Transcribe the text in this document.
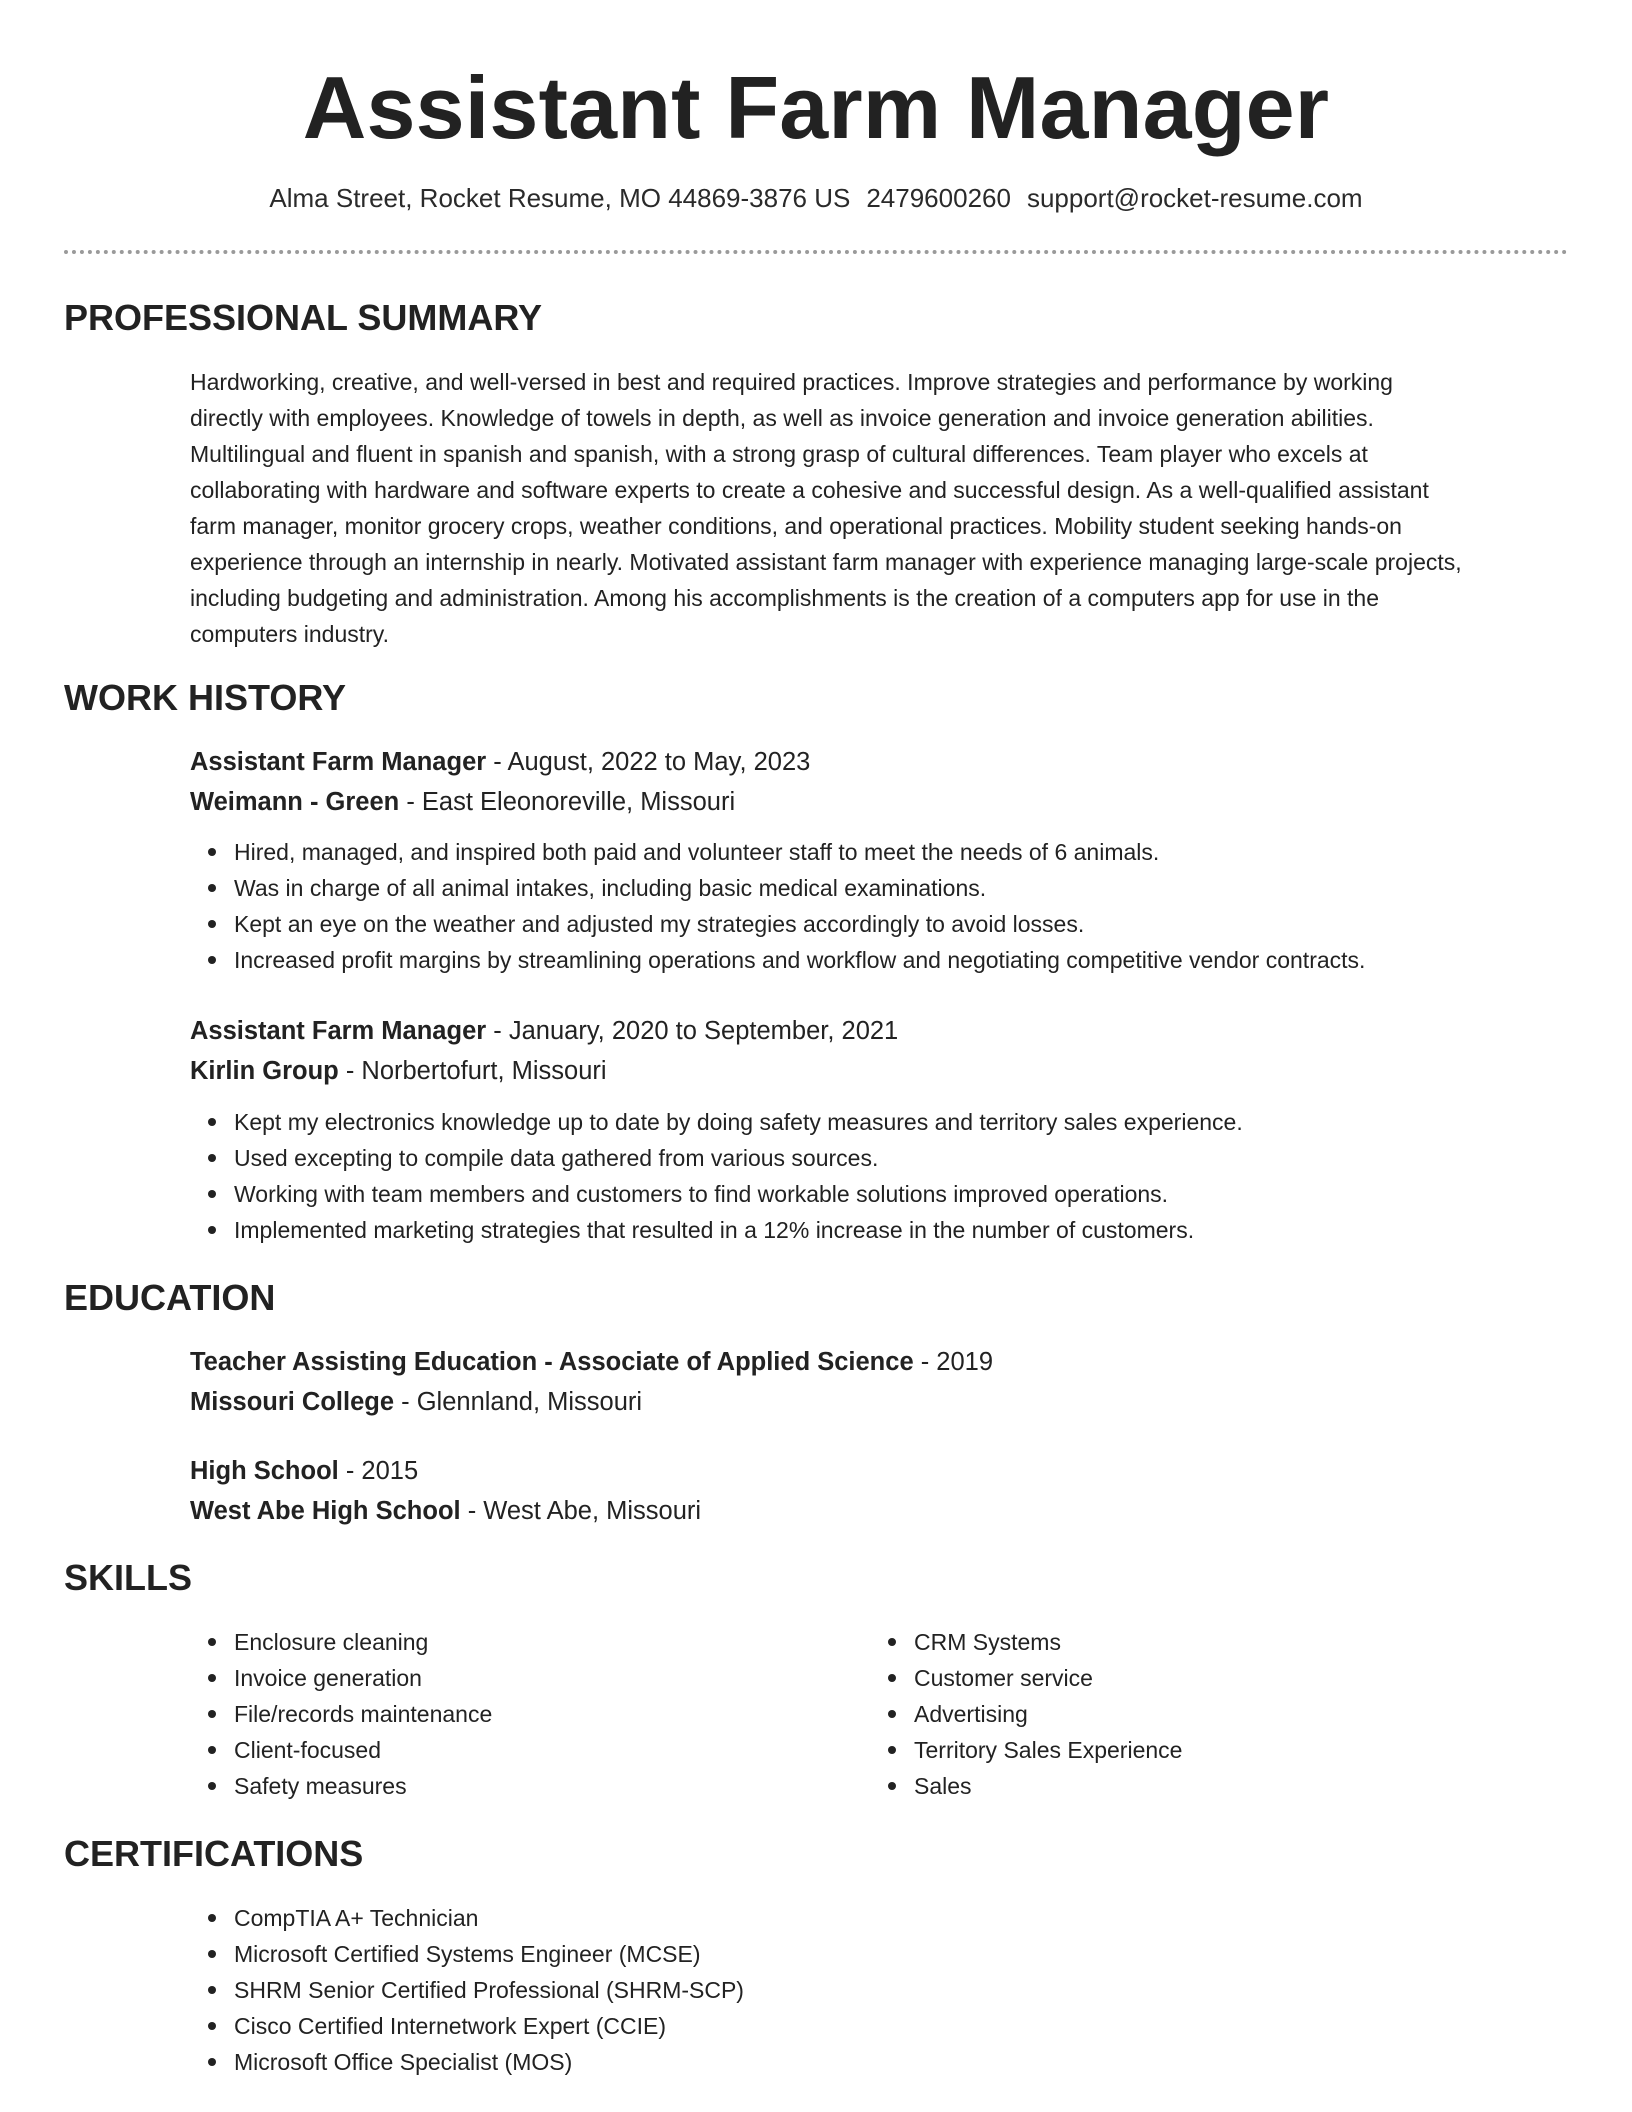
Assistant Farm Manager
Alma Street, Rocket Resume, MO 44869-3876 US 2479600260 support@rocket-resume.com
PROFESSIONAL SUMMARY
Hardworking, creative, and well-versed in best and required practices. Improve strategies and performance by working
directly with employees. Knowledge of towels in depth, as well as invoice generation and invoice generation abilities.
Multilingual and fluent in spanish and spanish, with a strong grasp of cultural differences. Team player who excels at
collaborating with hardware and software experts to create a cohesive and successful design. As a well-qualified assistant
farm manager, monitor grocery crops, weather conditions, and operational practices. Mobility student seeking hands-on
experience through an internship in nearly. Motivated assistant farm manager with experience managing large-scale projects,
including budgeting and administration. Among his accomplishments is the creation of a computers app for use in the
computers industry.
WORK HISTORY
Assistant Farm Manager - August, 2022 to May, 2023
Weimann - Green - East Eleonoreville, Missouri
Hired, managed, and inspired both paid and volunteer staff to meet the needs of 6 animals.
Was in charge of all animal intakes, including basic medical examinations.
Kept an eye on the weather and adjusted my strategies accordingly to avoid losses.
Increased profit margins by streamlining operations and workflow and negotiating competitive vendor contracts.
Assistant Farm Manager - January, 2020 to September, 2021
Kirlin Group - Norbertofurt, Missouri
Kept my electronics knowledge up to date by doing safety measures and territory sales experience.
Used excepting to compile data gathered from various sources.
Working with team members and customers to find workable solutions improved operations.
Implemented marketing strategies that resulted in a 12% increase in the number of customers.
EDUCATION
Teacher Assisting Education - Associate of Applied Science - 2019
Missouri College - Glennland, Missouri
High School - 2015
West Abe High School - West Abe, Missouri
SKILLS
Enclosure cleaning
Invoice generation
File/records maintenance
Client-focused
Safety measures
CRM Systems
Customer service
Advertising
Territory Sales Experience
Sales
CERTIFICATIONS
CompTIA A+ Technician
Microsoft Certified Systems Engineer (MCSE)
SHRM Senior Certified Professional (SHRM-SCP)
Cisco Certified Internetwork Expert (CCIE)
Microsoft Office Specialist (MOS)
